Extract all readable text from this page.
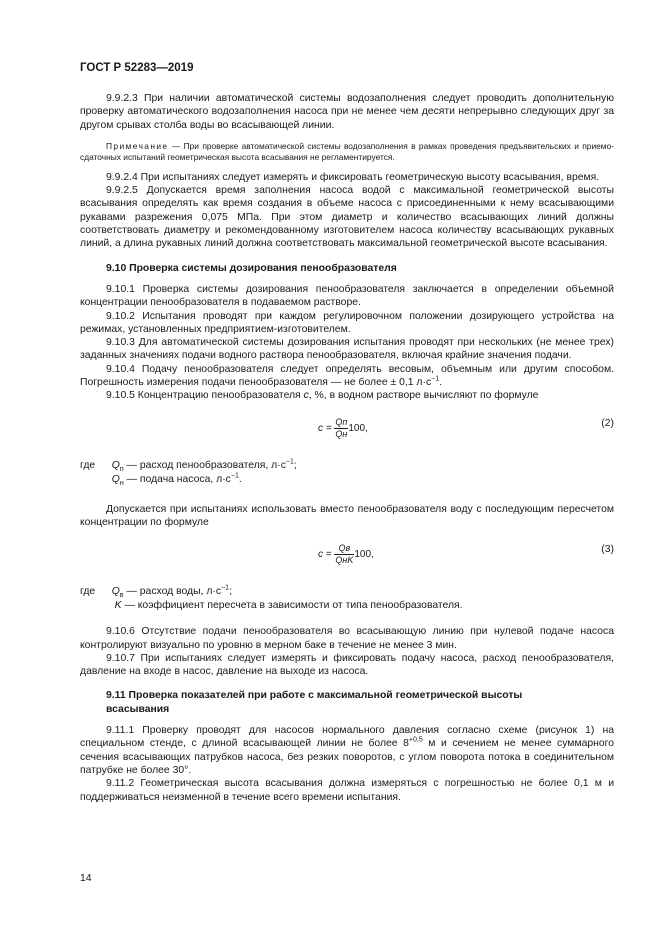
ГОСТ Р 52283—2019

9.9.2.3 При наличии автоматической системы водозаполнения следует проводить дополнительную проверку автоматического водозаполнения насоса при не менее чем десяти непрерывно следующих друг за другом срывах столба воды во всасывающей линии.

Примечание — При проверке автоматической системы водозаполнения в рамках проведения предъявительских и приемо-сдаточных испытаний геометрическая высота всасывания не регламентируется.

9.9.2.4 При испытаниях следует измерять и фиксировать геометрическую высоту всасывания, время.

9.9.2.5 Допускается время заполнения насоса водой с максимальной геометрической высоты всасывания определять как время создания в объеме насоса с присоединенными к нему всасывающими рукавами разрежения 0,075 МПа. При этом диаметр и количество всасывающих линий должны соответствовать диаметру и рекомендованному изготовителем насоса количеству всасывающих рукавных линий, а длина рукавных линий должна соответствовать максимальной геометрической высоте всасывания.

9.10 Проверка системы дозирования пенообразователя

9.10.1 Проверка системы дозирования пенообразователя заключается в определении объемной концентрации пенообразователя в подаваемом растворе.

9.10.2 Испытания проводят при каждом регулировочном положении дозирующего устройства на режимах, установленных предприятием-изготовителем.

9.10.3 Для автоматической системы дозирования испытания проводят при нескольких (не менее трех) заданных значениях подачи водного раствора пенообразователя, включая крайние значения подачи.

9.10.4 Подачу пенообразователя следует определять весовым, объемным или другим способом. Погрешность измерения подачи пенообразователя — не более ± 0,1 $л\cdot с^{-1}$.

9.10.5 Концентрацию пенообразователя c, %, в водном растворе вычисляют по формуле

$c = \frac{Qп}{Qн} 100$,	(2)
где	$Q_п$ — расход пенообразователя, $л\cdot с^{-1}$;
$Q_н$ — подача насоса, $л\cdot с^{-1}$.

Допускается при испытаниях использовать вместо пенообразователя воду с последующим пересчетом концентрации по формуле

$c = \frac{Qв}{\text{QнK}} 100$,	(3)
где	$Q_в$ — расход воды, $л\cdot с^{-1}$;
K — коэффициент пересчета в зависимости от типа пенообразователя.

9.10.6 Отсутствие подачи пенообразователя во всасывающую линию при нулевой подаче насоса контролируют визуально по уровню в мерном баке в течение не менее 3 мин.

9.10.7 При испытаниях следует измерять и фиксировать подачу насоса, расход пенообразователя, давление на входе в насос, давление на выходе из насоса.

9.11 Проверка показателей при работе с максимальной геометрической высоты
всасывания

9.11.1 Проверку проводят для насосов нормального давления согласно схеме (рисунок 1) на специальном стенде, с длиной всасывающей линии не более $8^{+0,5}$ м и сечением не менее суммарного сечения всасывающих патрубков насоса, без резких поворотов, с углом поворота потока в соединительном патрубке не более 30°.

9.11.2 Геометрическая высота всасывания должна измеряться с погрешностью не более 0,1 м и поддерживаться неизменной в течение всего времени испытания.

14
